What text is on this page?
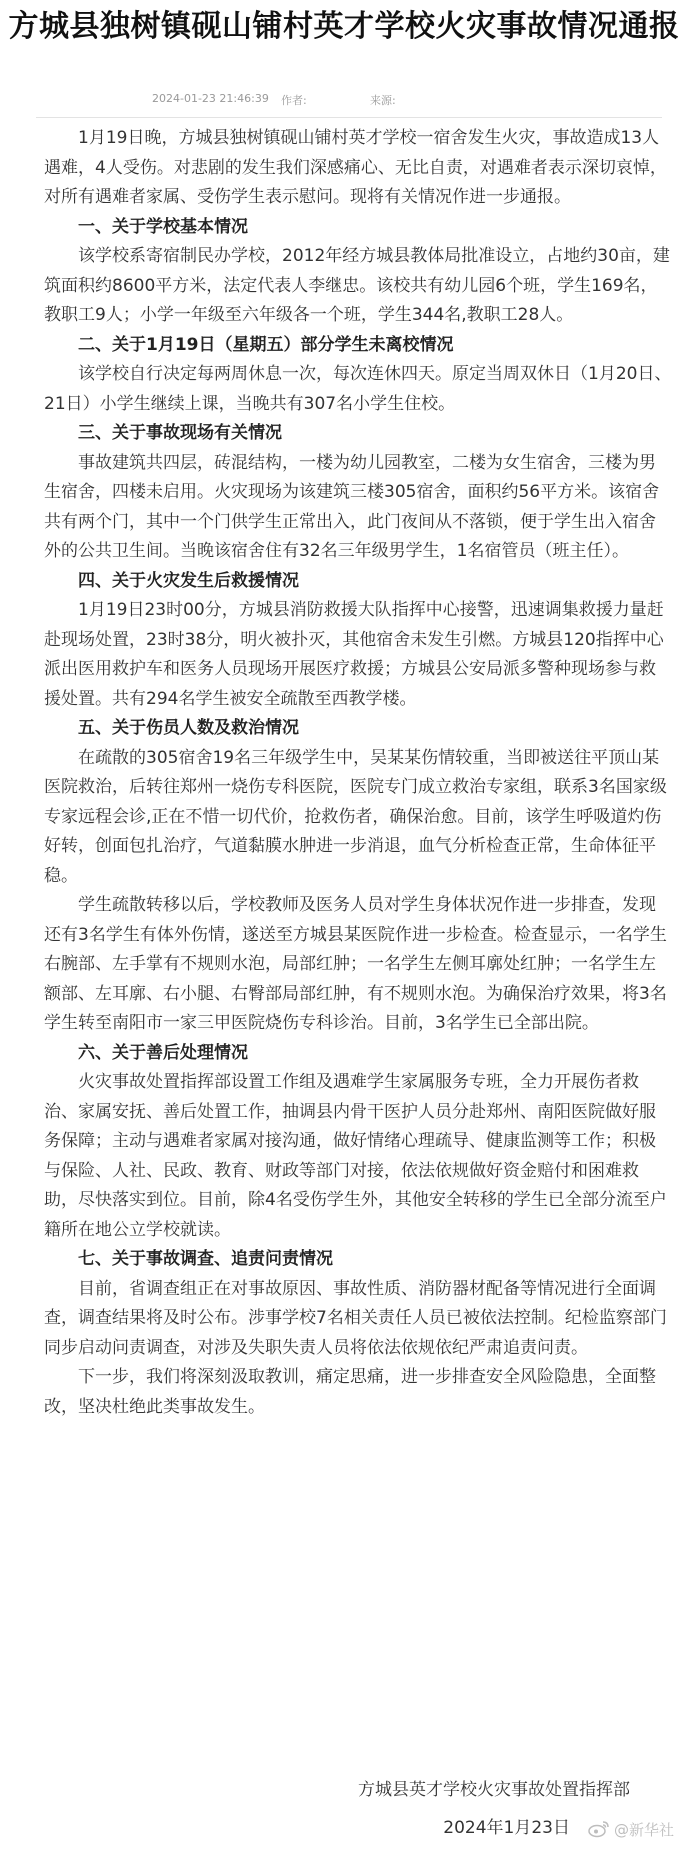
方城县独树镇砚山铺村英才学校火灾事故情况通报
2024-01-23 21:46:39 作者:	来源:

1月19日晚，方城县独树镇砚山铺村英才学校一宿舍发生火灾，事故造成13人遇难，4人受伤。对悲剧的发生我们深感痛心、无比自责，对遇难者表示深切哀悼，对所有遇难者家属、受伤学生表示慰问。现将有关情况作进一步通报。

一、关于学校基本情况

该学校系寄宿制民办学校，2012年经方城县教体局批准设立，占地约30亩，建筑面积约8600平方米，法定代表人李继忠。该校共有幼儿园6个班，学生169名，教职工9人；小学一年级至六年级各一个班，学生344名,教职工28人。

二、关于1月19日（星期五）部分学生未离校情况

该学校自行决定每两周休息一次，每次连休四天。原定当周双休日（1月20日、21日）小学生继续上课，当晚共有307名小学生住校。

三、关于事故现场有关情况

事故建筑共四层，砖混结构，一楼为幼儿园教室，二楼为女生宿舍，三楼为男生宿舍，四楼未启用。火灾现场为该建筑三楼305宿舍，面积约56平方米。该宿舍共有两个门，其中一个门供学生正常出入，此门夜间从不落锁，便于学生出入宿舍外的公共卫生间。当晚该宿舍住有32名三年级男学生，1名宿管员（班主任）。

四、关于火灾发生后救援情况

1月19日23时00分，方城县消防救援大队指挥中心接警，迅速调集救援力量赶赴现场处置，23时38分，明火被扑灭，其他宿舍未发生引燃。方城县120指挥中心派出医用救护车和医务人员现场开展医疗救援；方城县公安局派多警种现场参与救援处置。共有294名学生被安全疏散至西教学楼。

五、关于伤员人数及救治情况

在疏散的305宿舍19名三年级学生中，吴某某伤情较重，当即被送往平顶山某医院救治，后转往郑州一烧伤专科医院，医院专门成立救治专家组，联系3名国家级专家远程会诊,正在不惜一切代价，抢救伤者，确保治愈。目前，该学生呼吸道灼伤好转，创面包扎治疗，气道黏膜水肿进一步消退，血气分析检查正常，生命体征平稳。

学生疏散转移以后，学校教师及医务人员对学生身体状况作进一步排查，发现还有3名学生有体外伤情，遂送至方城县某医院作进一步检查。检查显示，一名学生右腕部、左手掌有不规则水泡，局部红肿；一名学生左侧耳廓处红肿；一名学生左额部、左耳廓、右小腿、右臀部局部红肿，有不规则水泡。为确保治疗效果，将3名学生转至南阳市一家三甲医院烧伤专科诊治。目前，3名学生已全部出院。

六、关于善后处理情况

火灾事故处置指挥部设置工作组及遇难学生家属服务专班，全力开展伤者救治、家属安抚、善后处置工作，抽调县内骨干医护人员分赴郑州、南阳医院做好服务保障；主动与遇难者家属对接沟通，做好情绪心理疏导、健康监测等工作；积极与保险、人社、民政、教育、财政等部门对接，依法依规做好资金赔付和困难救助，尽快落实到位。目前，除4名受伤学生外，其他安全转移的学生已全部分流至户籍所在地公立学校就读。

七、关于事故调查、追责问责情况

目前，省调查组正在对事故原因、事故性质、消防器材配备等情况进行全面调查，调查结果将及时公布。涉事学校7名相关责任人员已被依法控制。纪检监察部门同步启动问责调查，对涉及失职失责人员将依法依规依纪严肃追责问责。

下一步，我们将深刻汲取教训，痛定思痛，进一步排查安全风险隐患，全面整改，坚决杜绝此类事故发生。

方城县英才学校火灾事故处置指挥部
2024年1月23日	@新华社
